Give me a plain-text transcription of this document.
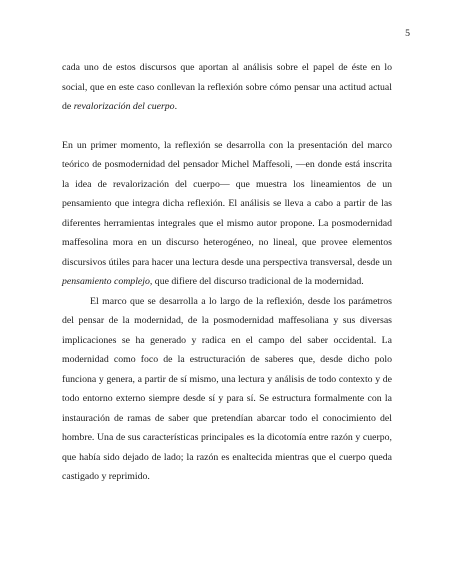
5

cada uno de estos discursos que aportan al análisis sobre el papel de éste en lo social, que en este caso conllevan la reflexión sobre cómo pensar una actitud actual de revalorización del cuerpo.

En un primer momento, la reflexión se desarrolla con la presentación del marco teórico de posmodernidad del pensador Michel Maffesoli, —en donde está inscrita la idea de revalorización del cuerpo— que muestra los lineamientos de un pensamiento que integra dicha reflexión. El análisis se lleva a cabo a partir de las diferentes herramientas integrales que el mismo autor propone. La posmodernidad maffesolina mora en un discurso heterogéneo, no lineal, que provee elementos discursivos útiles para hacer una lectura desde una perspectiva transversal, desde un pensamiento complejo, que difiere del discurso tradicional de la modernidad.

El marco que se desarrolla a lo largo de la reflexión, desde los parámetros del pensar de la modernidad, de la posmodernidad maffesoliana y sus diversas implicaciones se ha generado y radica en el campo del saber occidental. La modernidad como foco de la estructuración de saberes que, desde dicho polo funciona y genera, a partir de sí mismo, una lectura y análisis de todo contexto y de todo entorno externo siempre desde sí y para sí. Se estructura formalmente con la instauración de ramas de saber que pretendían abarcar todo el conocimiento del hombre. Una de sus características principales es la dicotomía entre razón y cuerpo, que había sido dejado de lado; la razón es enaltecida mientras que el cuerpo queda castigado y reprimido.
